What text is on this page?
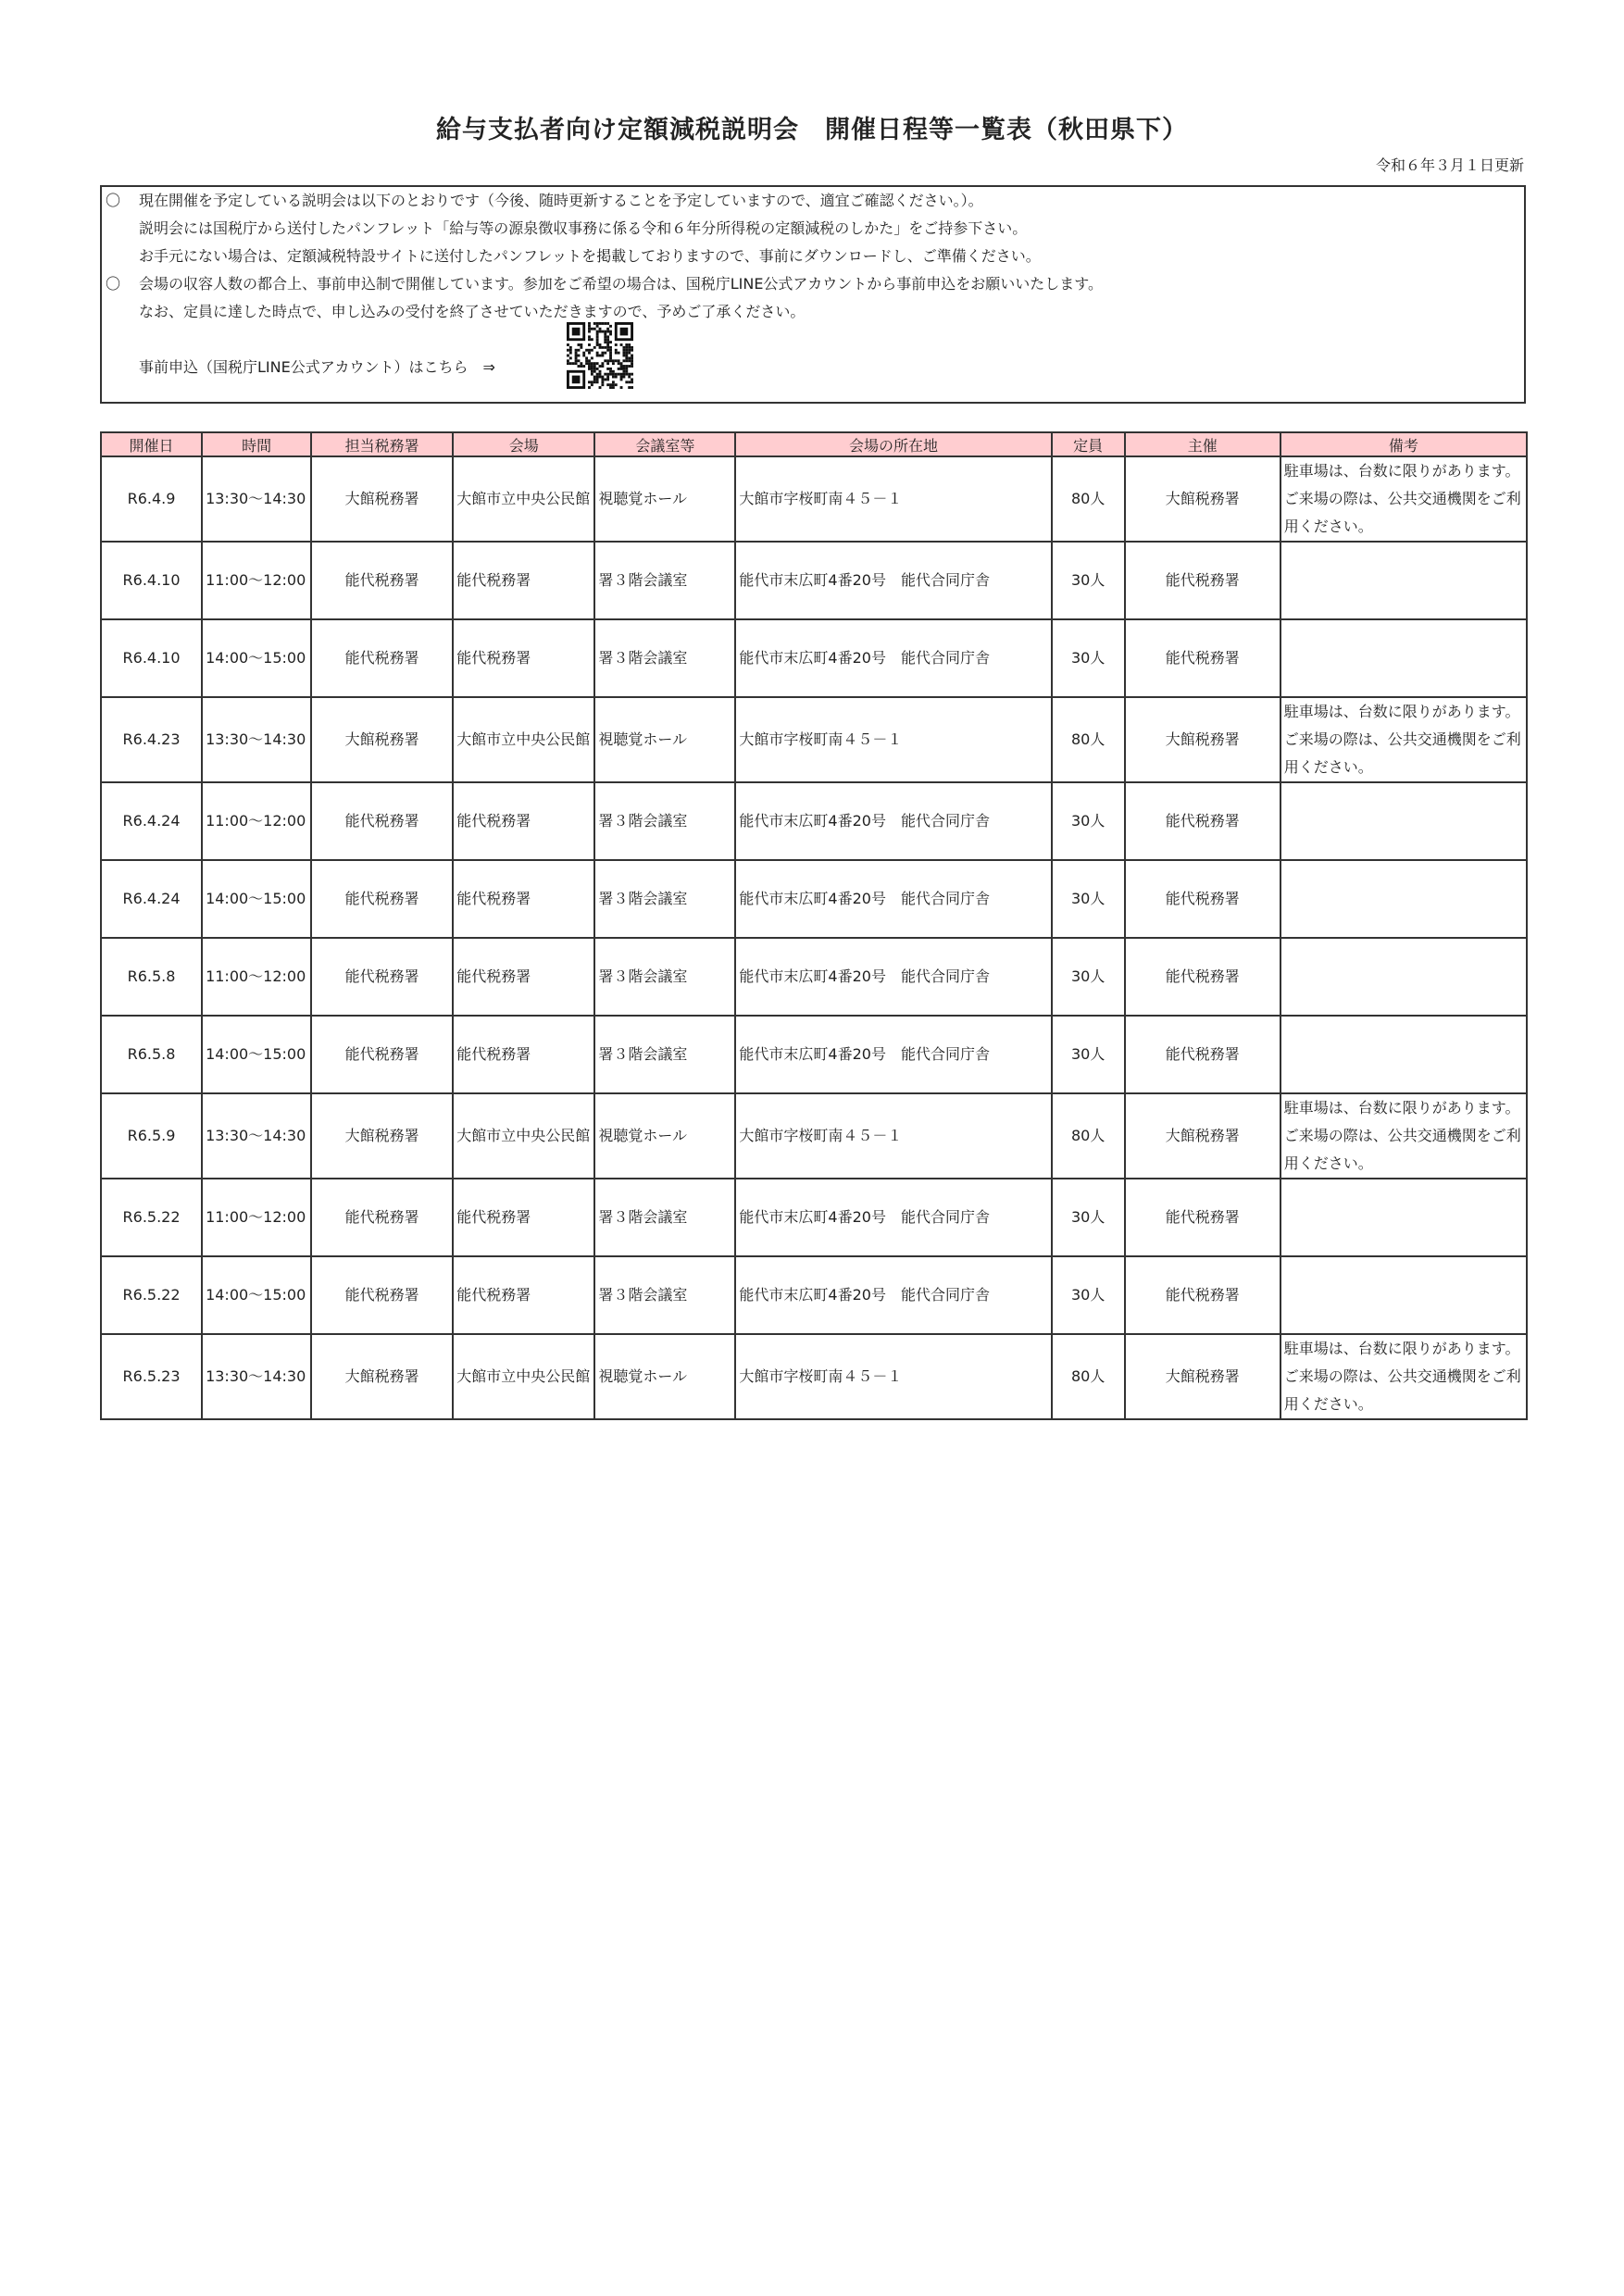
給与支払者向け定額減税説明会　開催日程等一覧表（秋田県下）
令和６年３月１日更新
〇 現在開催を予定している説明会は以下のとおりです（今後、随時更新することを予定していますので、適宜ご確認ください。）。
説明会には国税庁から送付したパンフレット「給与等の源泉徴収事務に係る令和６年分所得税の定額減税のしかた」をご持参下さい。
お手元にない場合は、定額減税特設サイトに送付したパンフレットを掲載しておりますので、事前にダウンロードし、ご準備ください。
〇 会場の収容人数の都合上、事前申込制で開催しています。参加をご希望の場合は、国税庁LINE公式アカウントから事前申込をお願いいたします。
なお、定員に達した時点で、申し込みの受付を終了させていただきますので、予めご了承ください。
事前申込（国税庁LINE公式アカウント）はこちら　⇒
開催日	時間	担当税務署	会場	会議室等	会場の所在地	定員	主催	備考
R6.4.9	13:30～14:30	大館税務署	大館市立中央公民館	視聴覚ホール	大館市字桜町南４５－１	80人	大館税務署	駐車場は、台数に限りがあります。ご来場の際は、公共交通機関をご利用ください。
R6.4.10	11:00～12:00	能代税務署	能代税務署	署３階会議室	能代市末広町4番20号　能代合同庁舎	30人	能代税務署	
R6.4.10	14:00～15:00	能代税務署	能代税務署	署３階会議室	能代市末広町4番20号　能代合同庁舎	30人	能代税務署	
R6.4.23	13:30～14:30	大館税務署	大館市立中央公民館	視聴覚ホール	大館市字桜町南４５－１	80人	大館税務署	駐車場は、台数に限りがあります。ご来場の際は、公共交通機関をご利用ください。
R6.4.24	11:00～12:00	能代税務署	能代税務署	署３階会議室	能代市末広町4番20号　能代合同庁舎	30人	能代税務署	
R6.4.24	14:00～15:00	能代税務署	能代税務署	署３階会議室	能代市末広町4番20号　能代合同庁舎	30人	能代税務署	
R6.5.8	11:00～12:00	能代税務署	能代税務署	署３階会議室	能代市末広町4番20号　能代合同庁舎	30人	能代税務署	
R6.5.8	14:00～15:00	能代税務署	能代税務署	署３階会議室	能代市末広町4番20号　能代合同庁舎	30人	能代税務署	
R6.5.9	13:30～14:30	大館税務署	大館市立中央公民館	視聴覚ホール	大館市字桜町南４５－１	80人	大館税務署	駐車場は、台数に限りがあります。ご来場の際は、公共交通機関をご利用ください。
R6.5.22	11:00～12:00	能代税務署	能代税務署	署３階会議室	能代市末広町4番20号　能代合同庁舎	30人	能代税務署	
R6.5.22	14:00～15:00	能代税務署	能代税務署	署３階会議室	能代市末広町4番20号　能代合同庁舎	30人	能代税務署	
R6.5.23	13:30～14:30	大館税務署	大館市立中央公民館	視聴覚ホール	大館市字桜町南４５－１	80人	大館税務署	駐車場は、台数に限りがあります。ご来場の際は、公共交通機関をご利用ください。
